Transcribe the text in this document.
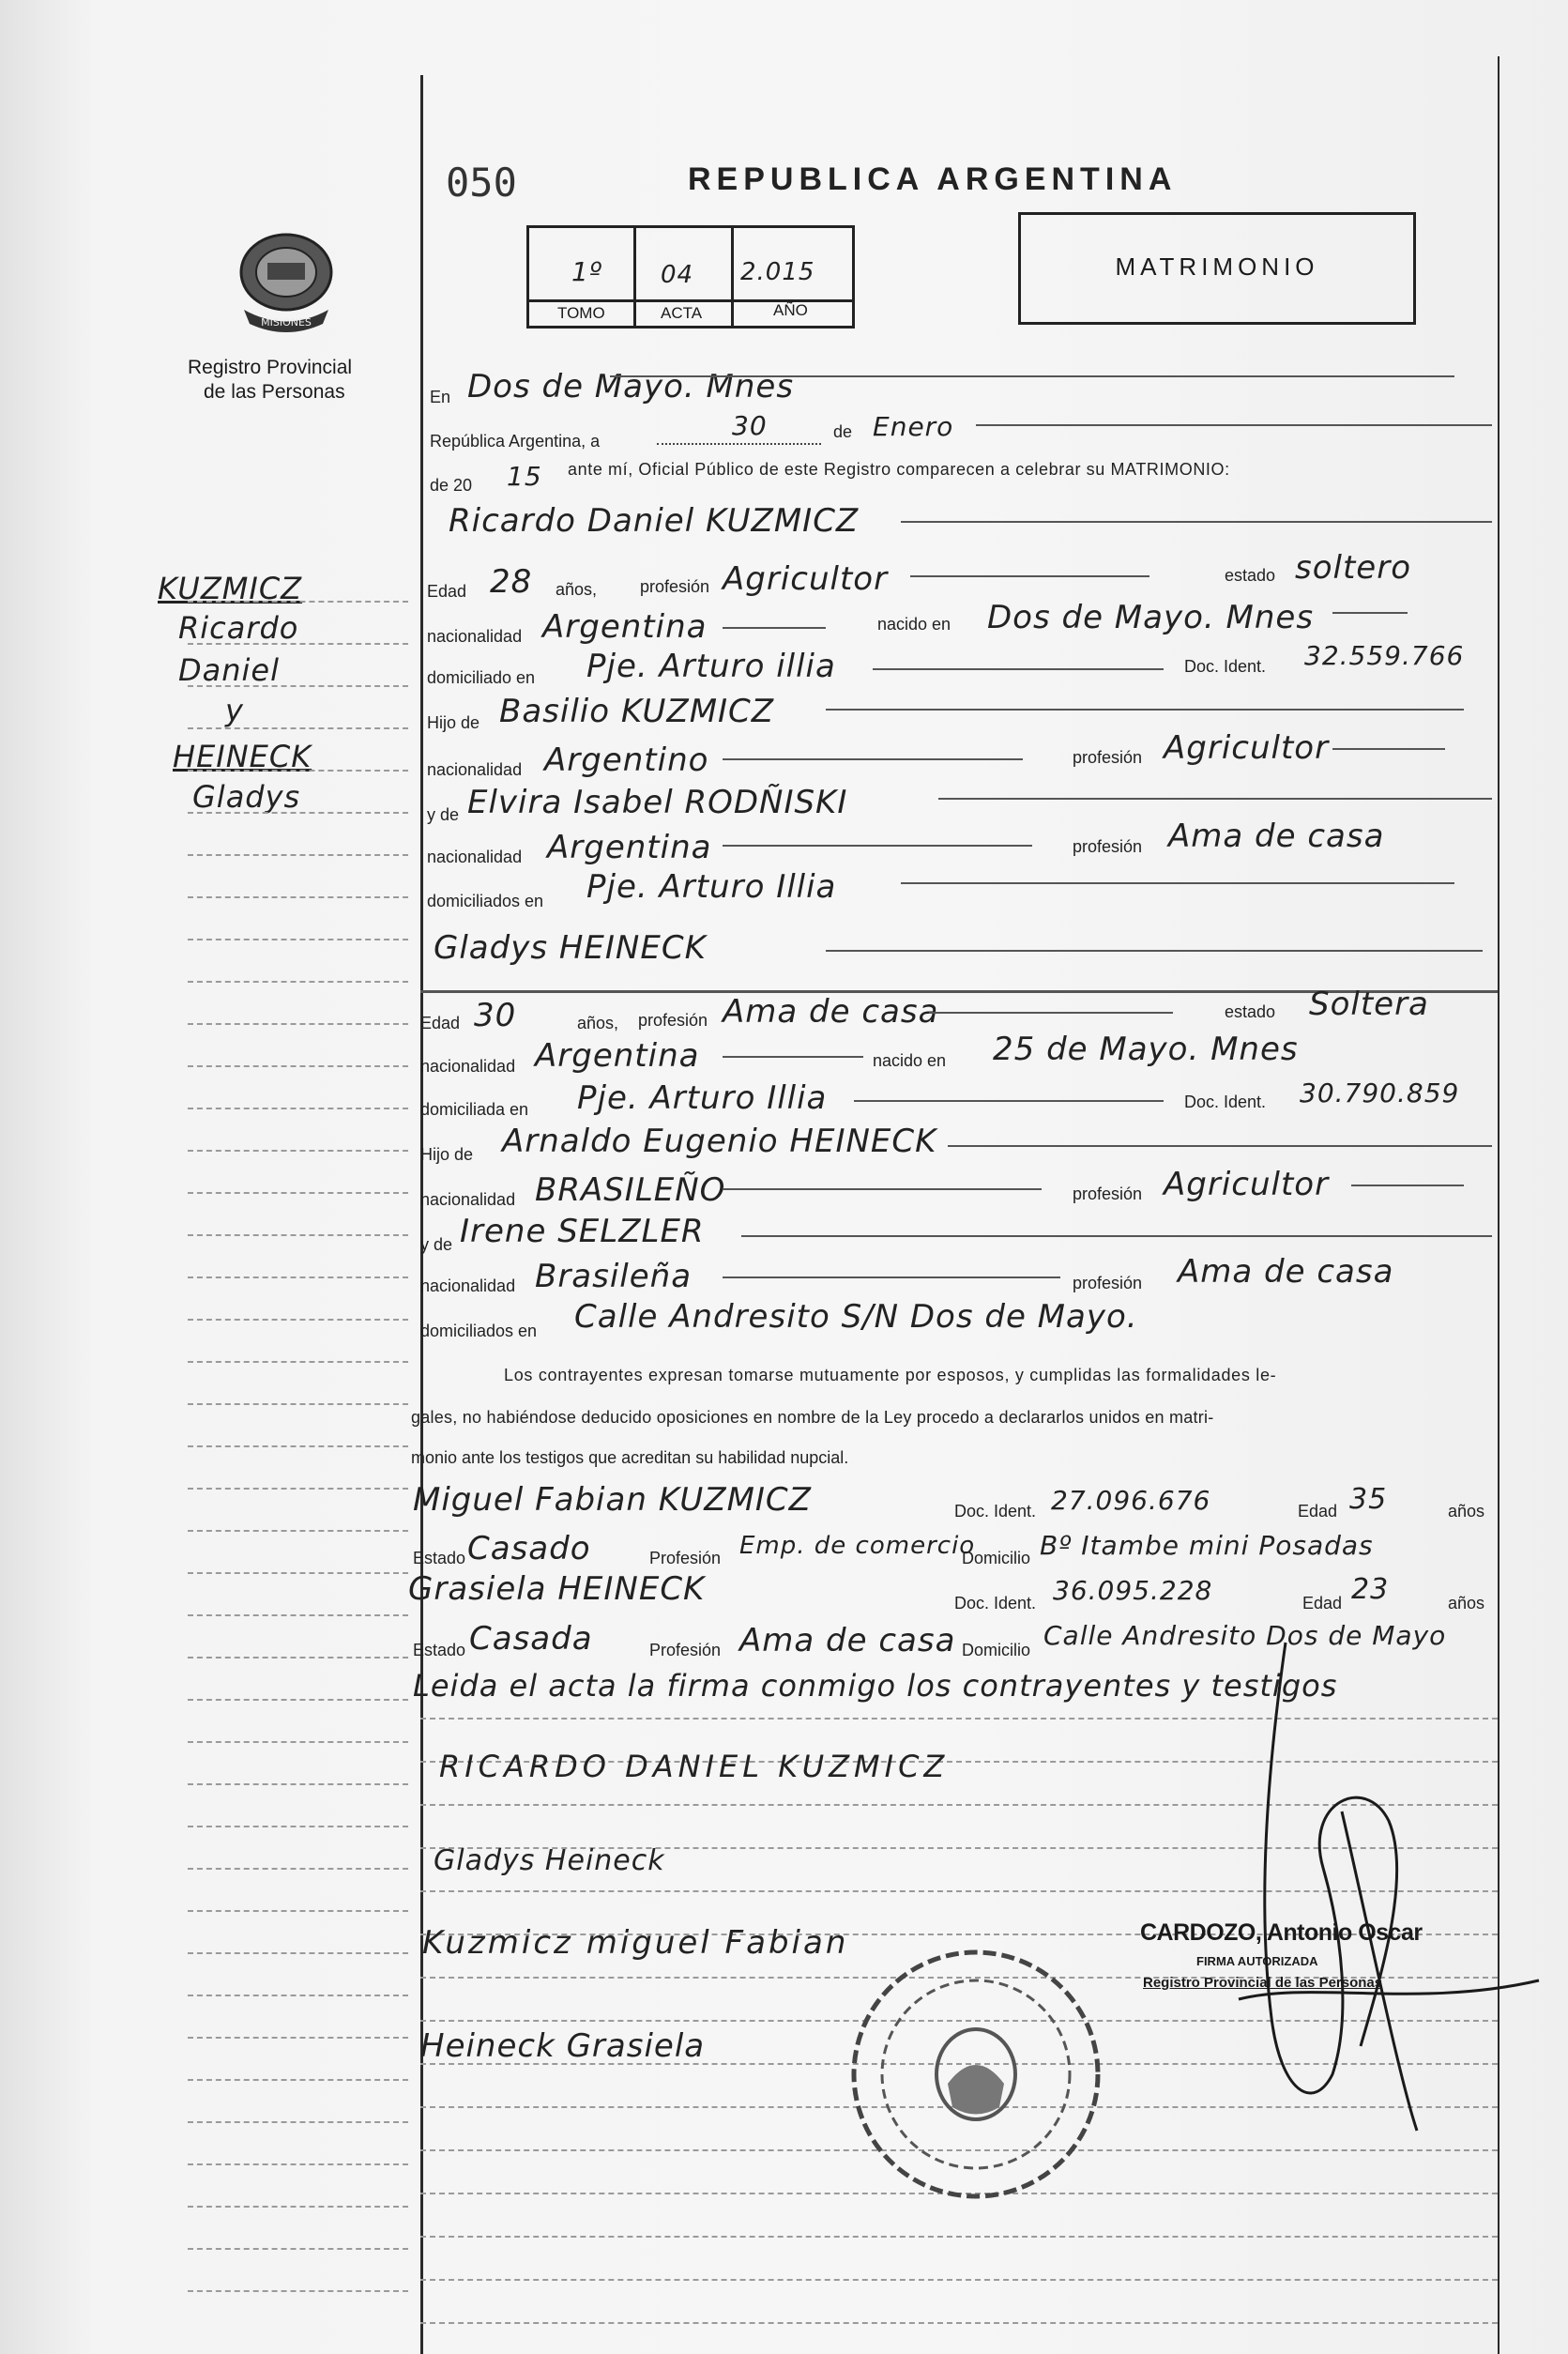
050	REPUBLICA ARGENTINA
1º 04 2.015
TOMO	ACTA	AÑO
MATRIMONIO
MISIONES
Registro Provincial
de las Personas
KUZMICZ
Ricardo
Daniel
y
HEINECK
Gladys
En Dos de Mayo. Mnes
República Argentina, a	30	de Enero
de 20 15 ante mí, Oficial Público de este Registro comparecen a celebrar su MATRIMONIO:
Ricardo Daniel KUZMICZ
Edad 28 años,	profesión Agricultor	estado soltero
nacionalidad Argentina	nacido en Dos de Mayo. Mnes
domiciliado en Pje. Arturo illia	Doc. Ident. 32.559.766
Hijo de Basilio KUZMICZ
nacionalidad Argentino	profesión Agricultor
y de Elvira Isabel RODÑISKI
nacionalidad Argentina	profesión Ama de casa
domiciliados en Pje. Arturo Illia
Gladys HEINECK
Edad 30	años, profesión Ama de casa	estado Soltera
nacionalidad Argentina	nacido en 25 de Mayo. Mnes
domiciliada en Pje. Arturo Illia	Doc. Ident. 30.790.859
Hijo de Arnaldo Eugenio HEINECK
nacionalidad BRASILEÑO	profesión Agricultor
y de Irene SELZLER
nacionalidad Brasileña	profesión Ama de casa
domiciliados en Calle Andresito S/N Dos de Mayo.
Los contrayentes expresan tomarse mutuamente por esposos, y cumplidas las formalidades le-
gales, no habiéndose deducido oposiciones en nombre de la Ley procedo a declararlos unidos en matri-
monio ante los testigos que acreditan su habilidad nupcial.
Miguel Fabian KUZMICZ	Doc. Ident. 27.096.676	Edad 35	años
Estado Casado	Profesión Emp. de comercio
Domicilio Bº Itambe mini Posadas
Grasiela HEINECK	Doc. Ident. 36.095.228	Edad 23	años
Estado Casada	Profesión Ama de casa Domicilio Calle Andresito Dos de Mayo
Leida el acta la firma conmigo los contrayentes y testigos
RICARDO DANIEL KUZMICZ
Gladys Heineck
Kuzmicz miguel Fabian
Heineck Grasiela
CARDOZO, Antonio Oscar
FIRMA AUTORIZADA
Registro Provincial de las Personas
